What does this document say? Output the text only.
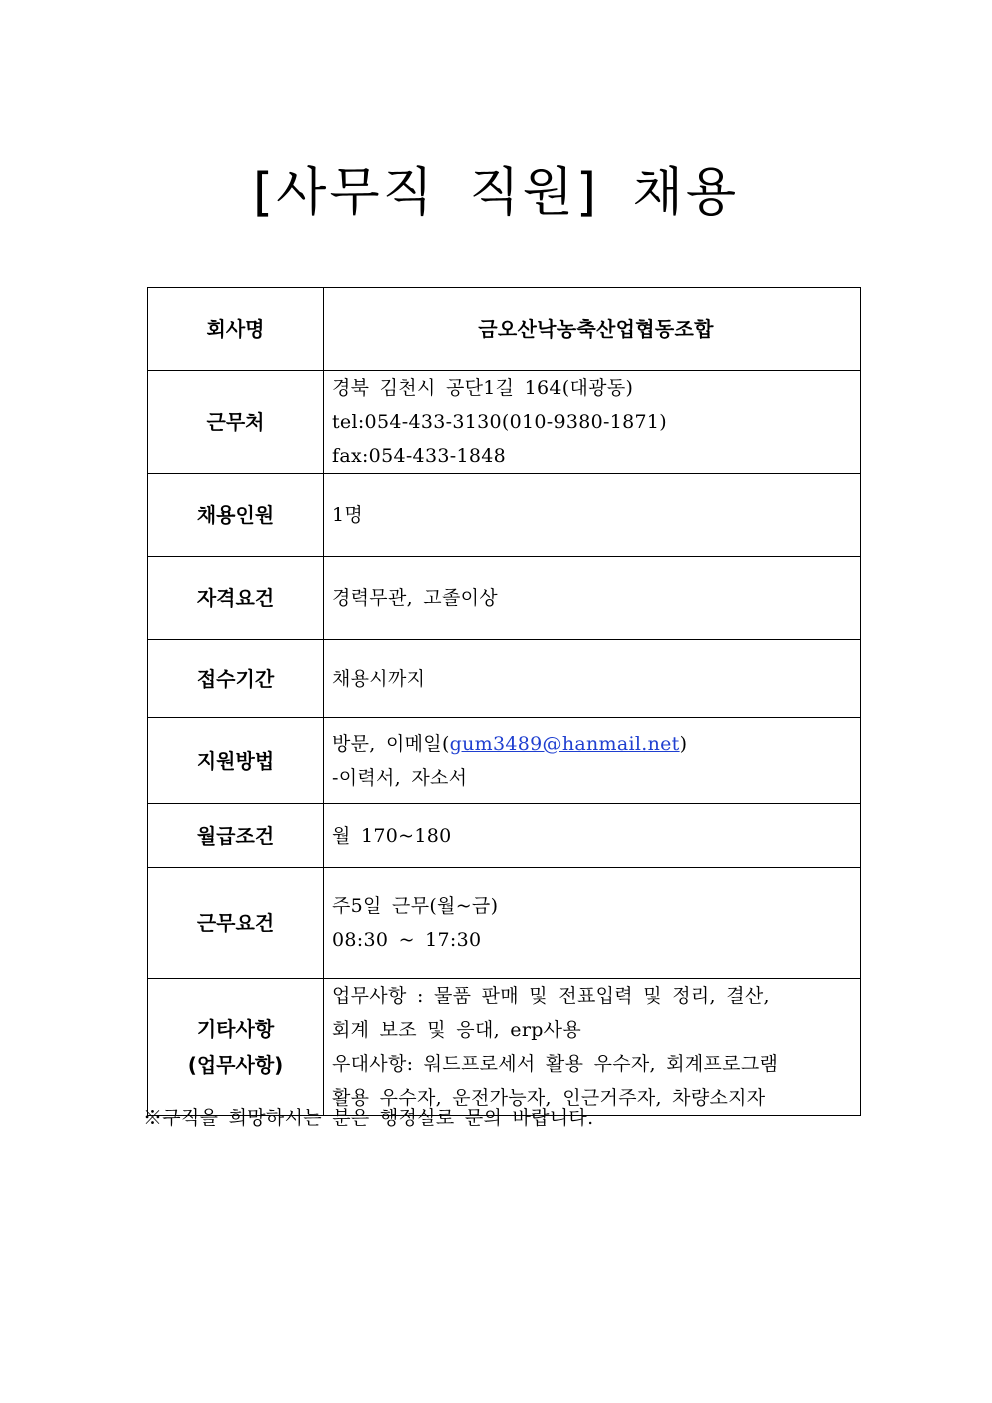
[사무직 직원] 채용
회사명	금오산낙농축산업협동조합
근무처	경북 김천시 공단1길 164(대광동)
tel:054-433-3130(010-9380-1871)
fax:054-433-1848

채용인원	1명
자격요건	경력무관, 고졸이상
접수기간	채용시까지
지원방법	방문, 이메일(gum3489@hanmail.net)
-이력서, 자소서

월급조건	월 170~180
근무요건	주5일 근무(월~금)
08:30 ~ 17:30

기타사항
(업무사항)	업무사항 : 물품 판매 및 전표입력 및 정리, 결산,
회계 보조 및 응대, erp사용
우대사항: 워드프로세서 활용 우수자, 회계프로그램
활용 우수자, 운전가능자, 인근거주자, 차량소지자
※구직을 희망하시는 분은 행정실로 문의 바랍니다.
